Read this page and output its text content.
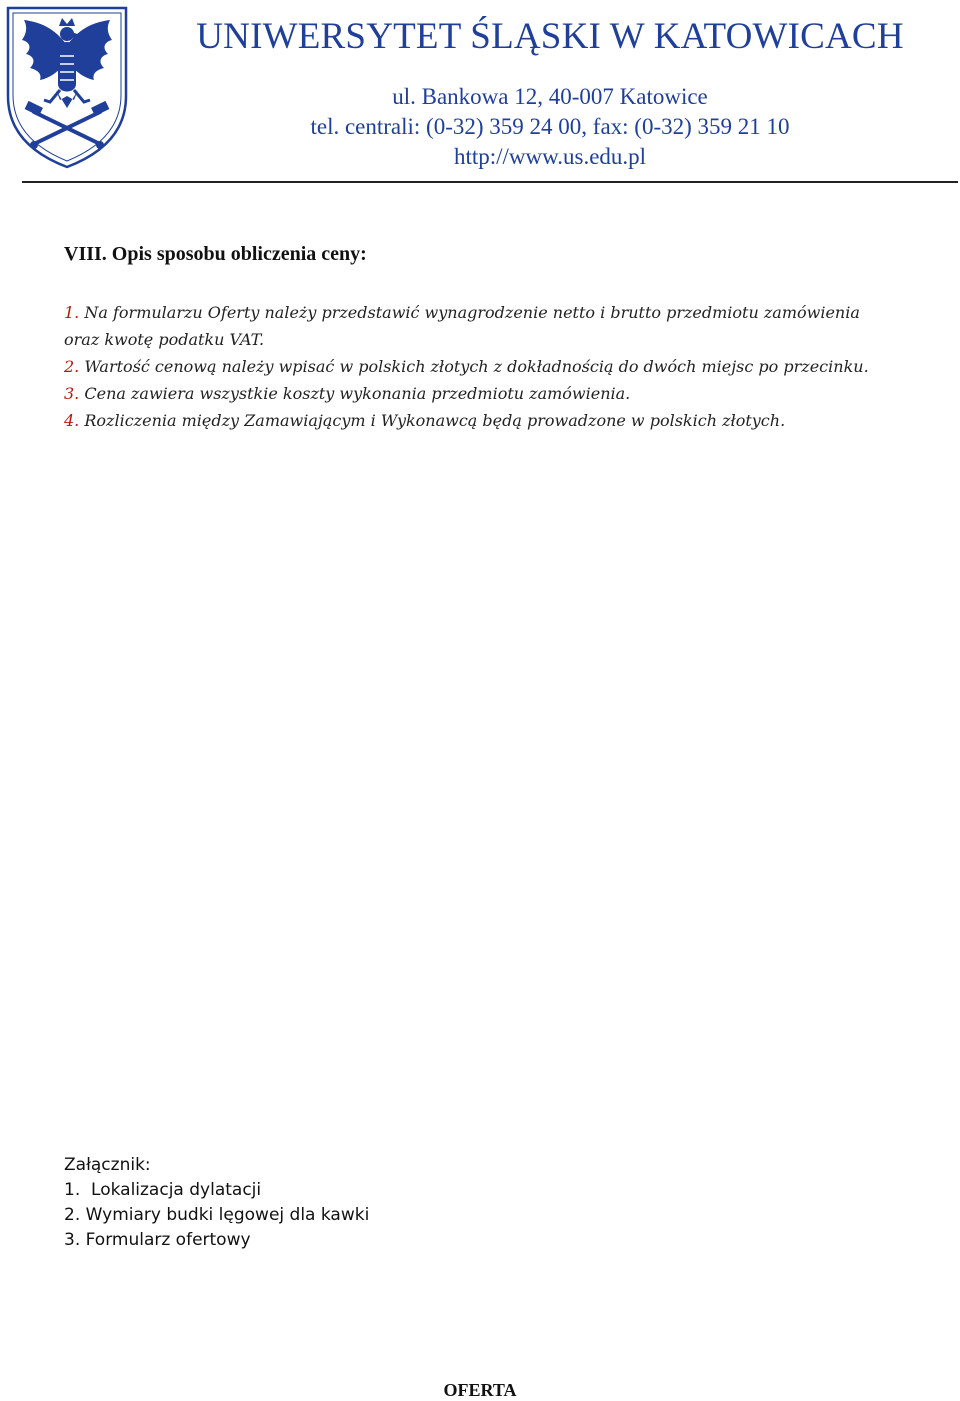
UNIWERSYTET ŚLĄSKI W KATOWICACH

ul. Bankowa 12, 40-007 Katowice

tel. centrali: (0-32) 359 24 00, fax: (0-32) 359 21 10

http://www.us.edu.pl

VIII. Opis sposobu obliczenia ceny:

1. Na formularzu Oferty należy przedstawić wynagrodzenie netto i brutto przedmiotu zamówienia

oraz kwotę podatku VAT.

2. Wartość cenową należy wpisać w polskich złotych z dokładnością do dwóch miejsc po przecinku.

3. Cena zawiera wszystkie koszty wykonania przedmiotu zamówienia.

4. Rozliczenia między Zamawiającym i Wykonawcą będą prowadzone w polskich złotych.

Załącznik:

1.  Lokalizacja dylatacji

2. Wymiary budki lęgowej dla kawki

3. Formularz ofertowy

OFERTA
